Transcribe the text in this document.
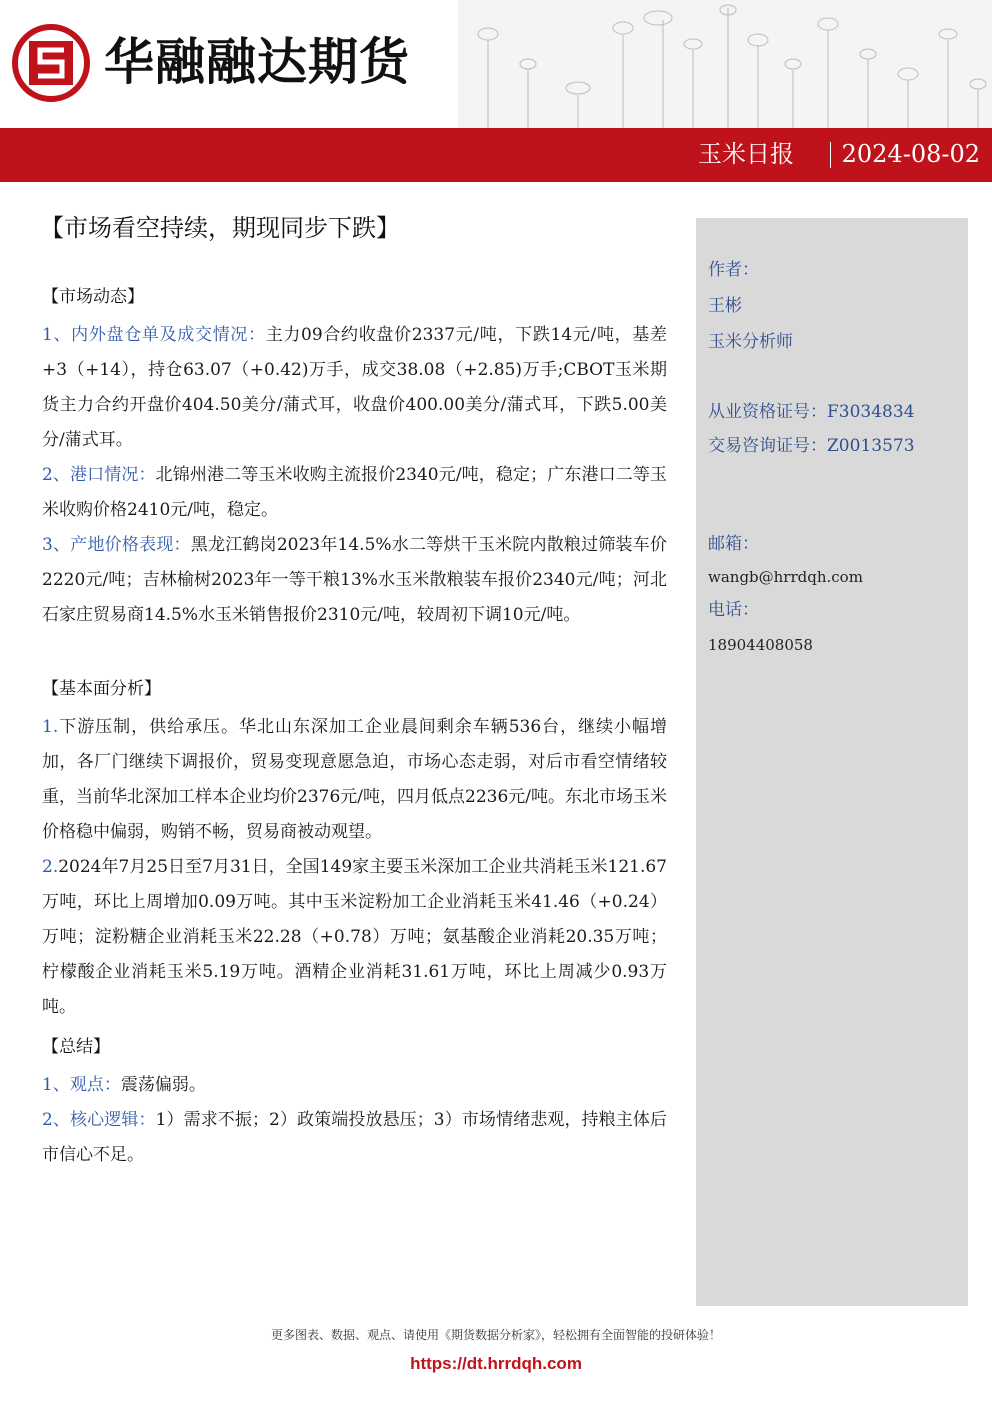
华融融达期货
玉米日报 2024-08-02
【市场看空持续，期现同步下跌】
【市场动态】
1、内外盘仓单及成交情况：主力09合约收盘价2337元/吨，下跌14元/吨，基差+3（+14），持仓63.07（+0.42)万手，成交38.08（+2.85)万手;CBOT玉米期货主力合约开盘价404.50美分/蒲式耳，收盘价400.00美分/蒲式耳，下跌5.00美分/蒲式耳。
2、港口情况：北锦州港二等玉米收购主流报价2340元/吨，稳定；广东港口二等玉米收购价格2410元/吨，稳定。
3、产地价格表现：黑龙江鹤岗2023年14.5%水二等烘干玉米院内散粮过筛装车价2220元/吨；吉林榆树2023年一等干粮13%水玉米散粮装车报价2340元/吨；河北石家庄贸易商14.5%水玉米销售报价2310元/吨，较周初下调10元/吨。
【基本面分析】
1.下游压制，供给承压。华北山东深加工企业晨间剩余车辆536台，继续小幅增加，各厂门继续下调报价，贸易变现意愿急迫，市场心态走弱，对后市看空情绪较重，当前华北深加工样本企业均价2376元/吨，四月低点2236元/吨。东北市场玉米价格稳中偏弱，购销不畅，贸易商被动观望。
2.2024年7月25日至7月31日，全国149家主要玉米深加工企业共消耗玉米121.67万吨，环比上周增加0.09万吨。其中玉米淀粉加工企业消耗玉米41.46（+0.24）万吨；淀粉糖企业消耗玉米22.28（+0.78）万吨；氨基酸企业消耗20.35万吨；柠檬酸企业消耗玉米5.19万吨。酒精企业消耗31.61万吨，环比上周减少0.93万吨。
【总结】
1、观点：震荡偏弱。
2、核心逻辑：1）需求不振；2）政策端投放悬压；3）市场情绪悲观，持粮主体后市信心不足。
作者：
王彬
玉米分析师
从业资格证号：F3034834
交易咨询证号：Z0013573
邮箱：
wangb@hrrdqh.com
电话：
18904408058
更多图表、数据、观点、请使用《期货数据分析家》，轻松拥有全面智能的投研体验！
https://dt.hrrdqh.com
